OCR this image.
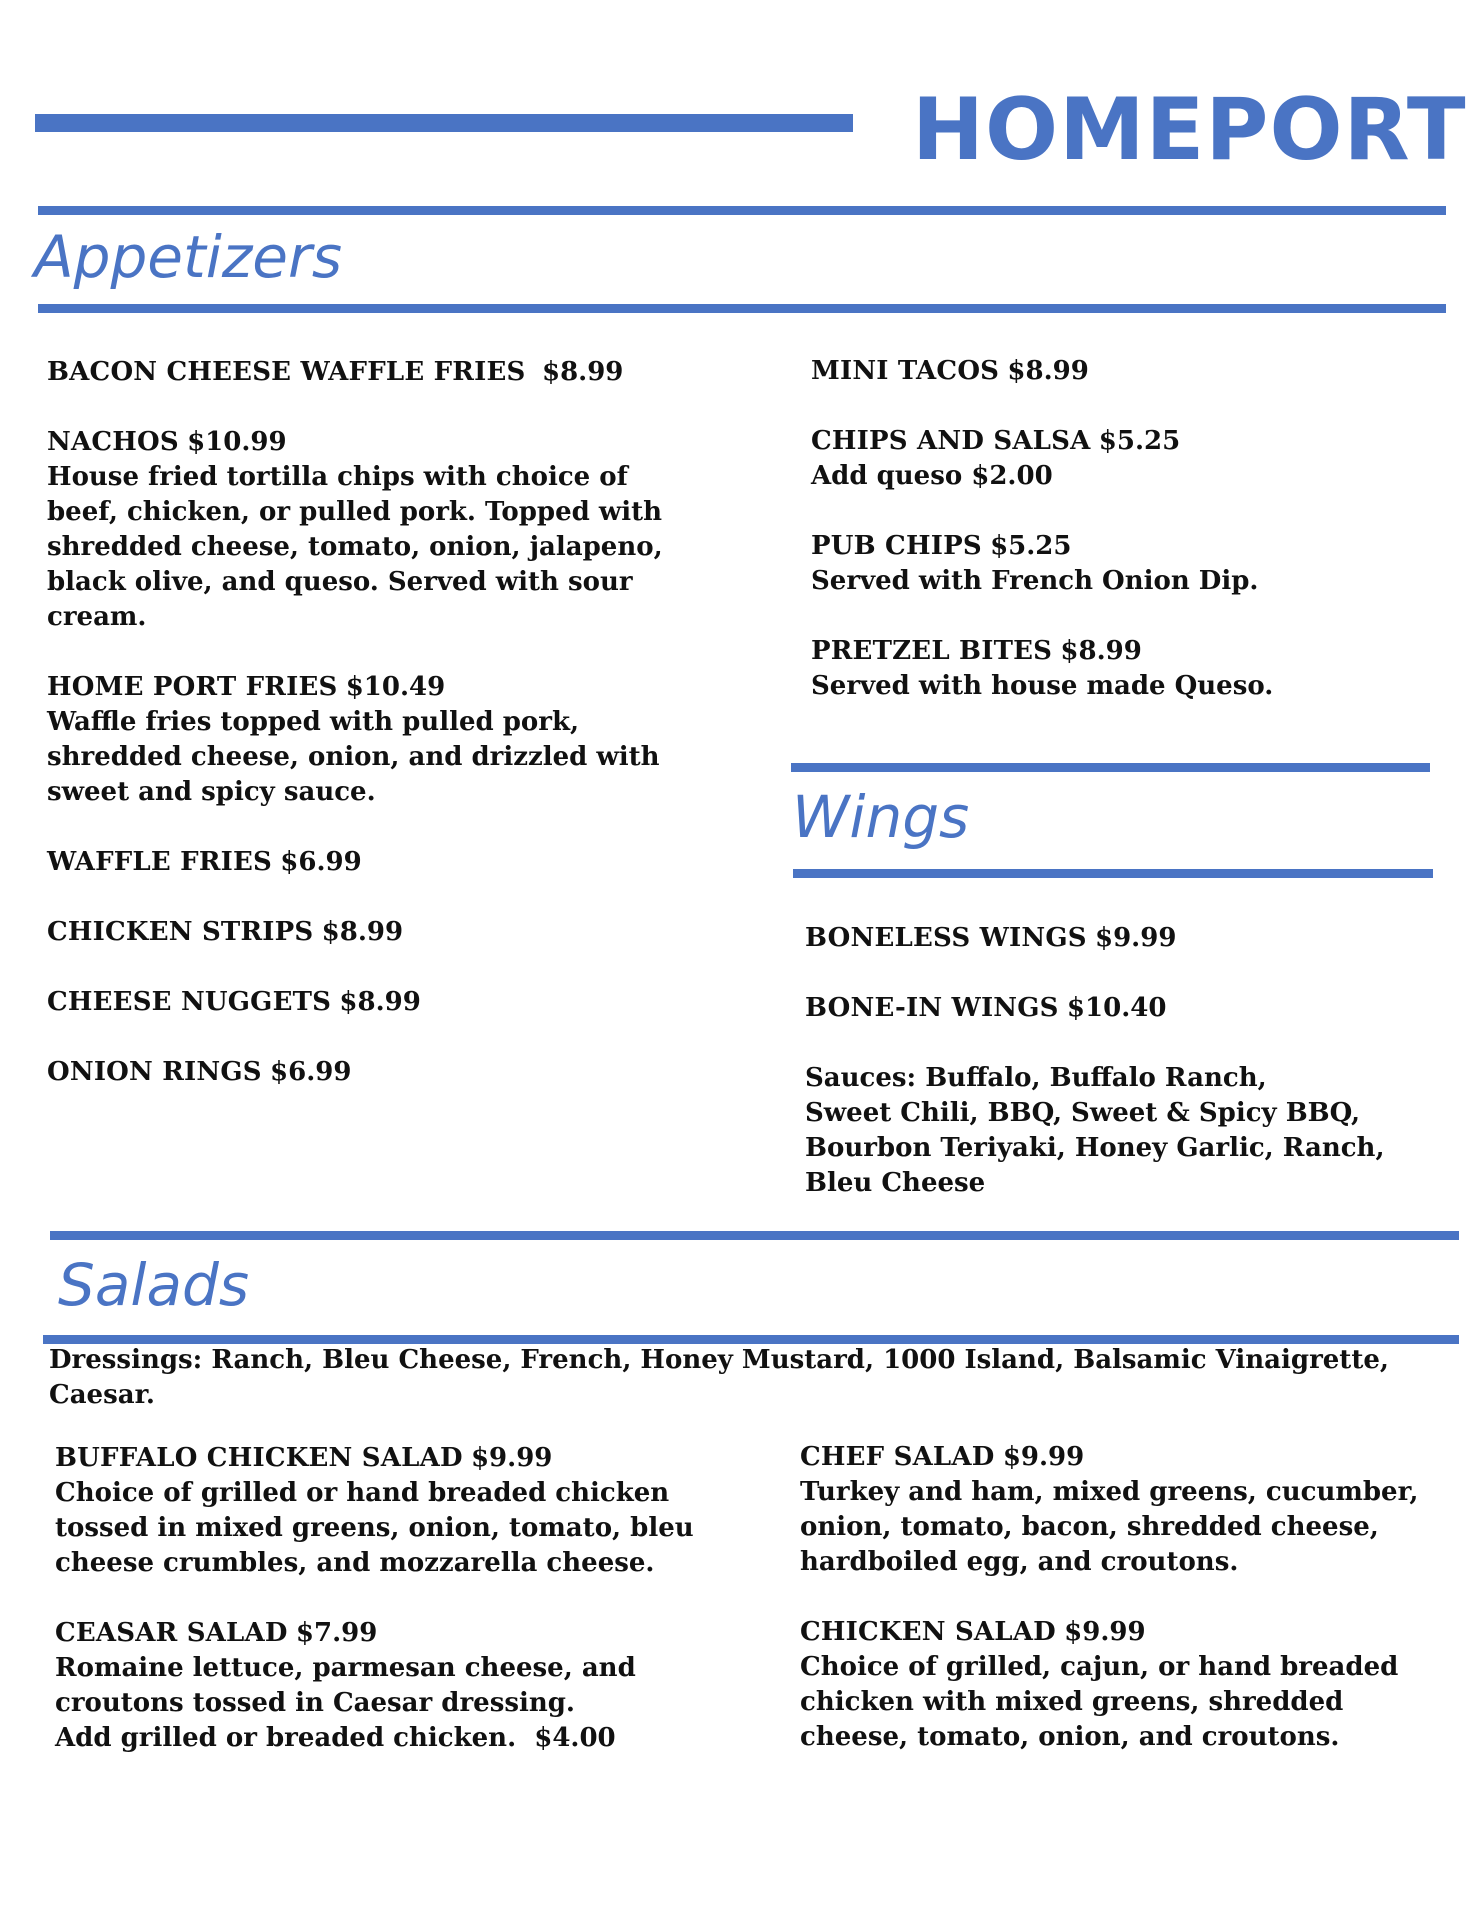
HOMEPORT
Appetizers
BACON CHEESE WAFFLE FRIES $8.99
NACHOS $10.99
House fried tortilla chips with choice of beef, chicken, or pulled pork. Topped with shredded cheese, tomato, onion, jalapeno, black olive, and queso. Served with sour cream.
HOME PORT FRIES $10.49
Waffle fries topped with pulled pork, shredded cheese, onion, and drizzled with sweet and spicy sauce.
WAFFLE FRIES $6.99
CHICKEN STRIPS $8.99
CHEESE NUGGETS $8.99
ONION RINGS $6.99
MINI TACOS $8.99
CHIPS AND SALSA $5.25
Add queso $2.00
PUB CHIPS $5.25
Served with French Onion Dip.
PRETZEL BITES $8.99
Served with house made Queso.
Wings
BONELESS WINGS $9.99
BONE-IN WINGS $10.40
Sauces: Buffalo, Buffalo Ranch,
Sweet Chili, BBQ, Sweet & Spicy BBQ,
Bourbon Teriyaki, Honey Garlic, Ranch,
Bleu Cheese
Salads
Dressings: Ranch, Bleu Cheese, French, Honey Mustard, 1000 Island, Balsamic Vinaigrette, Caesar.
BUFFALO CHICKEN SALAD $9.99
Choice of grilled or hand breaded chicken tossed in mixed greens, onion, tomato, bleu cheese crumbles, and mozzarella cheese.
CEASAR SALAD $7.99
Romaine lettuce, parmesan cheese, and croutons tossed in Caesar dressing.
Add grilled or breaded chicken.  $4.00
CHEF SALAD $9.99
Turkey and ham, mixed greens, cucumber, onion, tomato, bacon, shredded cheese, hardboiled egg, and croutons.
CHICKEN SALAD $9.99
Choice of grilled, cajun, or hand breaded chicken with mixed greens, shredded cheese, tomato, onion, and croutons.
